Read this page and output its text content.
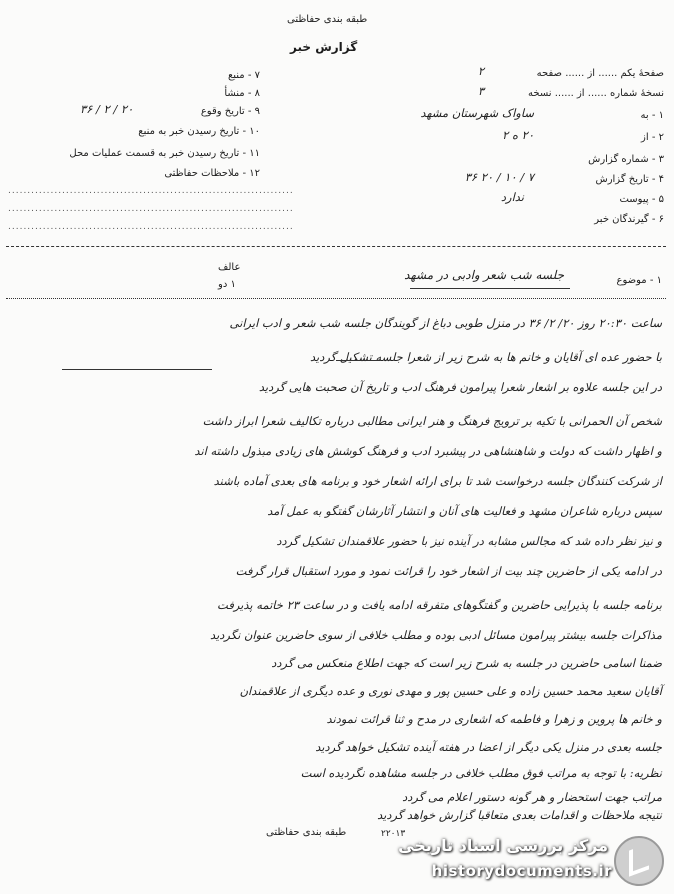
طبقه بندی حفاظتی
گزارش خبر
صفحهٔ یکم ...... از ...... صفحه
۲
نسخهٔ شماره ...... از ...... نسخه
۳
۱ - به
ساواک شهرستان مشهد
۲ - از
۲۰ ه ۲
۳ - شماره گزارش
۴ - تاریخ گزارش
۷ / ۱۰ / ۲۰ ۳۶
۵ - پیوست
ندارد
۶ - گیرندگان خبر
۷ - منبع
۸ - منشأ
۹ - تاریخ وقوع
۲۰ / ۲ / ۳۶
۱۰ - تاریخ رسیدن خبر به منبع
۱۱ - تاریخ رسیدن خبر به قسمت عملیات محل
۱۲ - ملاحظات حفاظتی
..........................................................................
..........................................................................
..........................................................................
عالف
۱ دو	۱ - موضوع
جلسه شب شعر وادبی در مشهد
ساعت ۲۰:۳۰ روز ۲۰/ ۲/ ۳۶ در منزل طوبی دباغ از گویندگان جلسه شب شعر و ادب ایرانی
با حضور عده ای آقایان و خانم ها به شرح زیر از شعرا جلسه تشکیل گردید
در این جلسه علاوه بر اشعار شعرا پیرامون فرهنگ ادب و تاریخ آن صحبت هایی گردید
شخص آن الحمرانی با تکیه بر ترویج فرهنگ و هنر ایرانی مطالبی درباره تکالیف شعرا ابراز داشت
و اظهار داشت که دولت و شاهنشاهی در پیشبرد ادب و فرهنگ کوشش های زیادی مبذول داشته اند
از شرکت کنندگان جلسه درخواست شد تا برای ارائه اشعار خود و برنامه های بعدی آماده باشند
سپس درباره شاعران مشهد و فعالیت های آنان و انتشار آثارشان گفتگو به عمل آمد
و نیز نظر داده شد که مجالس مشابه در آینده نیز با حضور علاقمندان تشکیل گردد
در ادامه یکی از حاضرین چند بیت از اشعار خود را قرائت نمود و مورد استقبال قرار گرفت
برنامه جلسه با پذیرایی حاضرین و گفتگوهای متفرقه ادامه یافت و در ساعت ۲۳ خاتمه پذیرفت
مذاکرات جلسه بیشتر پیرامون مسائل ادبی بوده و مطلب خلافی از سوی حاضرین عنوان نگردید
ضمنا اسامی حاضرین در جلسه به شرح زیر است که جهت اطلاع منعکس می گردد
آقایان سعید محمد حسین زاده و علی حسین پور و مهدی نوری و عده دیگری از علاقمندان
و خانم ها پروین و زهرا و فاطمه که اشعاری در مدح و ثنا قرائت نمودند
جلسه بعدی در منزل یکی دیگر از اعضا در هفته آینده تشکیل خواهد گردید
نظریه: با توجه به مراتب فوق مطلب خلافی در جلسه مشاهده نگردیده است
مراتب جهت استحضار و هر گونه دستور اعلام می گردد
نتیجه ملاحظات و اقدامات بعدی متعاقبا گزارش خواهد گردید
طبقه بندی حفاظتی	۲۲۰۱۳
مرکز بررسی اسناد تاریخی
historydocuments.ir
